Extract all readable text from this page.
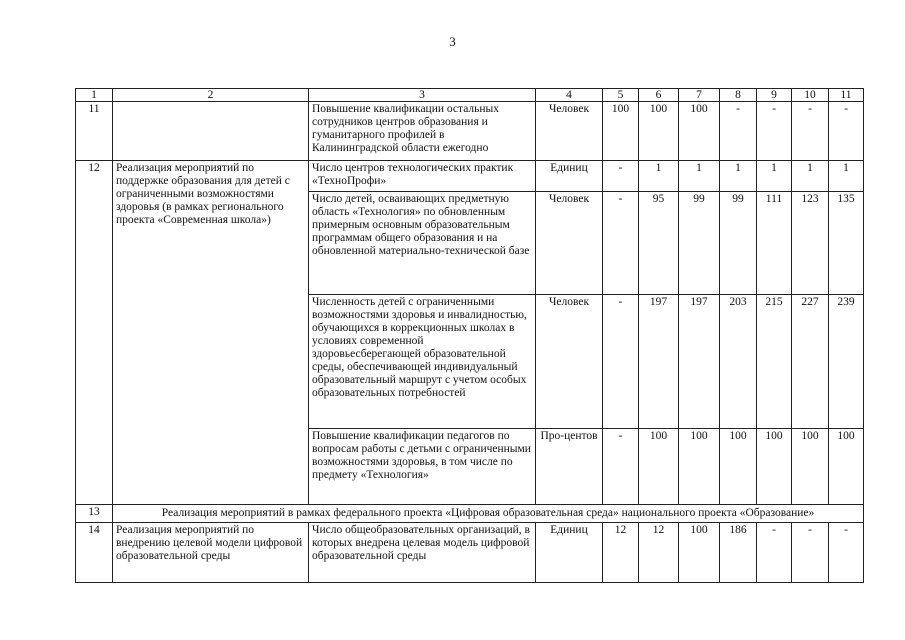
3
1	2	3	4	5	6	7	8	9	10	11
11		Повышение квалификации остальных сотрудников центров образования и гуманитарного профилей в Калининградской области ежегодно	Человек	100	100	100	-	-	-	-
12	Реализация мероприятий по поддержке образования для детей с ограниченными возможностями здоровья (в рамках регионального проекта «Современная школа»)	Число центров технологических практик «ТехноПрофи»	Единиц	-	1	1	1	1	1	1
		Число детей, осваивающих предметную область «Технология» по обновленным примерным основным образовательным программам общего образования и на обновленной материально-технической базе	Человек	-	95	99	99	111	123	135
		Численность детей с ограниченными возможностями здоровья и инвалидностью, обучающихся в коррекционных школах в условиях современной здоровьесберегающей образовательной среды, обеспечивающей индивидуальный образовательный маршрут с учетом особых образовательных потребностей	Человек	-	197	197	203	215	227	239
		Повышение квалификации педагогов по вопросам работы с детьми с ограниченными возможностями здоровья, в том числе по предмету «Технология»	Про-центов	-	100	100	100	100	100	100
13	Реализация мероприятий в рамках федерального проекта «Цифровая образовательная среда» национального проекта «Образование»									
14	Реализация мероприятий по внедрению целевой модели цифровой образовательной среды	Число общеобразовательных организаций, в которых внедрена целевая модель цифровой образовательной среды	Единиц	12	12	100	186	-	-	-
